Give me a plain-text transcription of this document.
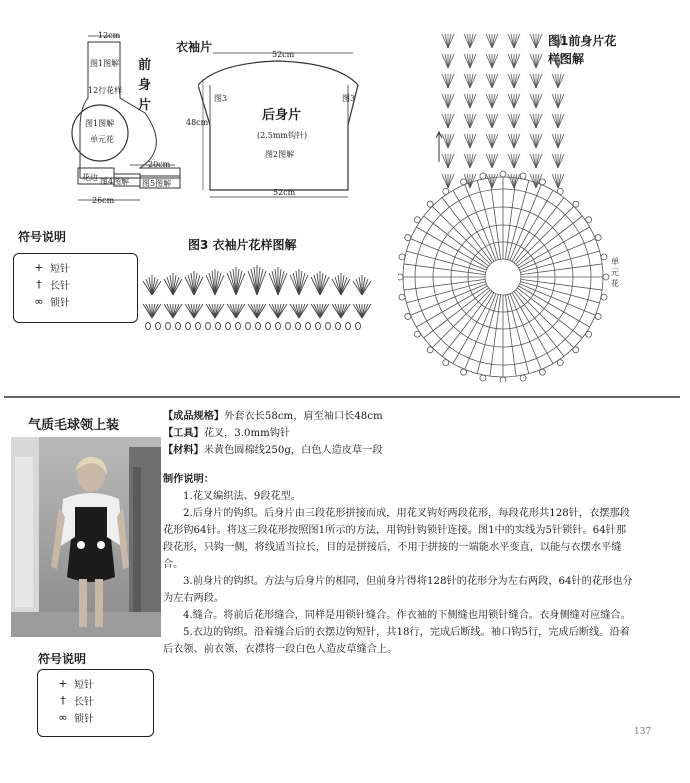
12cm
图1图解
12行花样
图1图解
单元花
20cm
花边 图4图解 图5图解
26cm
前身片
衣袖片
52cm
48cm
图3	图3
后身片
(2.5mm钩针)
图2图解
52cm
符号说明
+ 短针
† 长针
∞ 锁针
图3 衣袖片花样图解
图1前身片花样图解
单元花
气质毛球领上装
符号说明
+ 短针
† 长针
∞ 锁针

【成品规格】外套衣长58cm，肩至袖口长48cm

【工具】花叉，3.0mm钩针

【材料】米黄色圆棉线250g，白色人造皮草一段

制作说明：

1.花叉编织法、9段花型。

2.后身片的钩织。后身片由三段花形拼接而成，用花叉钩好两段花形，每段花形共128针，衣摆那段花形钩64针。将这三段花形按照图1所示的方法，用钩针钩锁针连接。图1中的实线为5针锁针。64针那段花形，只钩一侧，将线适当拉长，目的是拼接后，不用于拼接的一端能水平变直，以能与衣摆水平缝合。

3.前身片的钩织。方法与后身片的相同，但前身片得将128针的花形分为左右两段，64针的花形也分为左右两段。

4.缝合。将前后花形缝合，同样是用锁针缝合。作衣袖的下侧缝也用锁针缝合。衣身侧缝对应缝合。

5.衣边的钩织。沿着缝合后的衣摆边钩短针，共18行，完成后断线。袖口钩5行，完成后断线。沿着后衣领、前衣领、衣襟将一段白色人造皮草缝合上。

137
